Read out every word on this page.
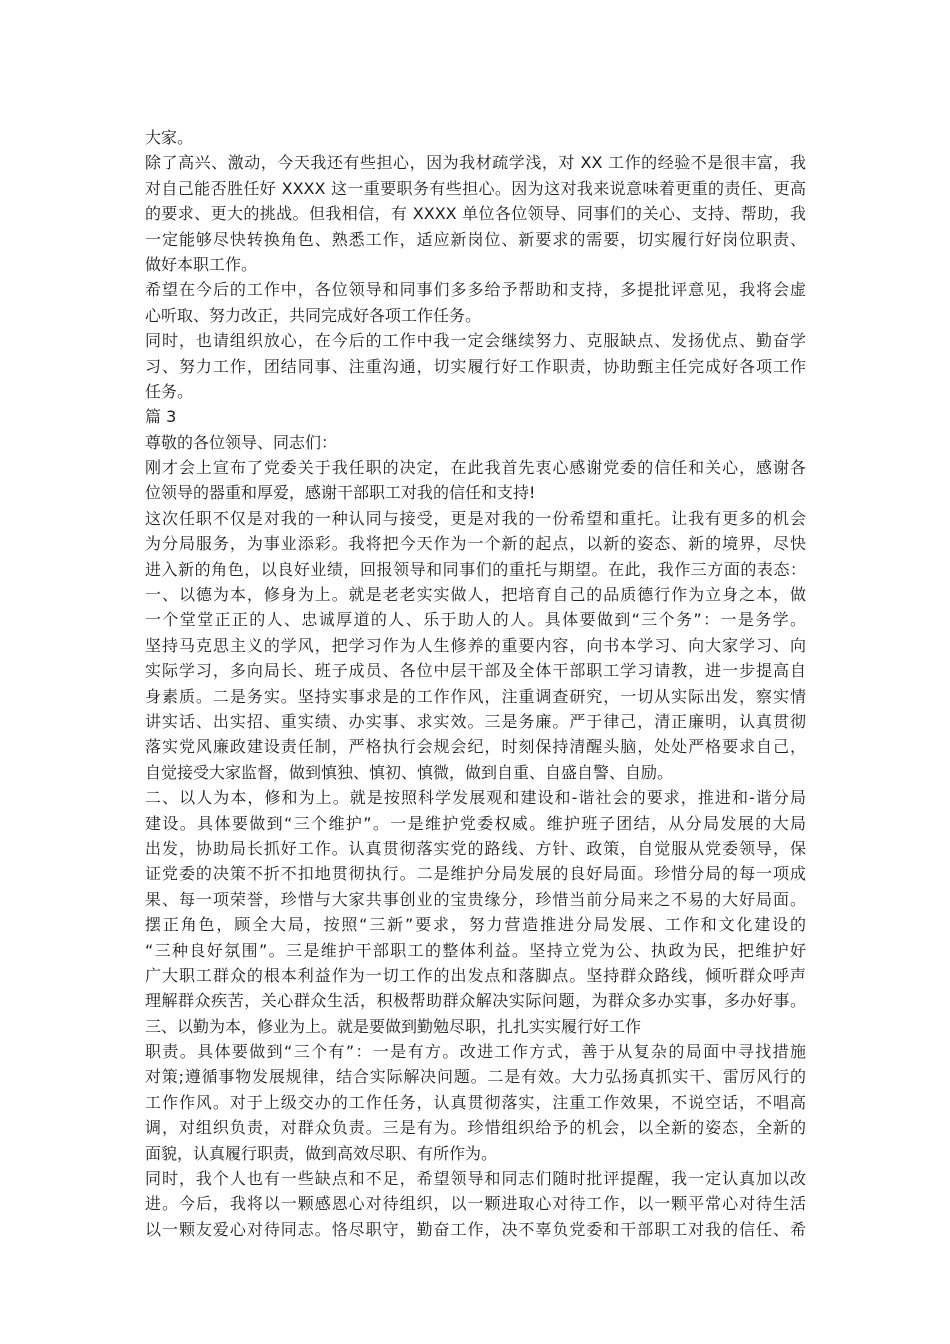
大家。
除了高兴、激动，今天我还有些担心，因为我材疏学浅，对 XX 工作的经验不是很丰富，我
对自己能否胜任好 XXXX 这一重要职务有些担心。因为这对我来说意味着更重的责任、更高
的要求、更大的挑战。但我相信，有 XXXX 单位各位领导、同事们的关心、支持、帮助，我
一定能够尽快转换角色、熟悉工作，适应新岗位、新要求的需要，切实履行好岗位职责、
做好本职工作。
希望在今后的工作中，各位领导和同事们多多给予帮助和支持，多提批评意见，我将会虚
心听取、努力改正，共同完成好各项工作任务。
同时，也请组织放心，在今后的工作中我一定会继续努力、克服缺点、发扬优点、勤奋学
习、努力工作，团结同事、注重沟通，切实履行好工作职责，协助甄主任完成好各项工作
任务。
篇 3
尊敬的各位领导、同志们：
刚才会上宣布了党委关于我任职的决定，在此我首先衷心感谢党委的信任和关心，感谢各
位领导的器重和厚爱，感谢干部职工对我的信任和支持!
这次任职不仅是对我的一种认同与接受，更是对我的一份希望和重托。让我有更多的机会
为分局服务，为事业添彩。我将把今天作为一个新的起点，以新的姿态、新的境界，尽快
进入新的角色，以良好业绩，回报领导和同事们的重托与期望。在此，我作三方面的表态：
一、以德为本，修身为上。就是老老实实做人，把培育自己的品质德行作为立身之本，做
一个堂堂正正的人、忠诚厚道的人、乐于助人的人。具体要做到“三个务”：一是务学。
坚持马克思主义的学风，把学习作为人生修养的重要内容，向书本学习、向大家学习、向
实际学习，多向局长、班子成员、各位中层干部及全体干部职工学习请教，进一步提高自
身素质。二是务实。坚持实事求是的工作作风，注重调查研究，一切从实际出发，察实情
讲实话、出实招、重实绩、办实事、求实效。三是务廉。严于律己，清正廉明，认真贯彻
落实党风廉政建设责任制，严格执行会规会纪，时刻保持清醒头脑，处处严格要求自己，
自觉接受大家监督，做到慎独、慎初、慎微，做到自重、自盛自警、自励。
二、以人为本，修和为上。就是按照科学发展观和建设和-谐社会的要求，推进和-谐分局
建设。具体要做到“三个维护”。一是维护党委权威。维护班子团结，从分局发展的大局
出发，协助局长抓好工作。认真贯彻落实党的路线、方针、政策，自觉服从党委领导，保
证党委的决策不折不扣地贯彻执行。二是维护分局发展的良好局面。珍惜分局的每一项成
果、每一项荣誉，珍惜与大家共事创业的宝贵缘分，珍惜当前分局来之不易的大好局面。
摆正角色，顾全大局，按照“三新”要求，努力营造推进分局发展、工作和文化建设的
“三种良好氛围”。三是维护干部职工的整体利益。坚持立党为公、执政为民，把维护好
广大职工群众的根本利益作为一切工作的出发点和落脚点。坚持群众路线，倾听群众呼声
理解群众疾苦，关心群众生活，积极帮助群众解决实际问题，为群众多办实事，多办好事。
三、以勤为本，修业为上。就是要做到勤勉尽职，扎扎实实履行好工作
职责。具体要做到“三个有”：一是有方。改进工作方式，善于从复杂的局面中寻找措施
对策;遵循事物发展规律，结合实际解决问题。二是有效。大力弘扬真抓实干、雷厉风行的
工作作风。对于上级交办的工作任务，认真贯彻落实，注重工作效果，不说空话，不唱高
调，对组织负责，对群众负责。三是有为。珍惜组织给予的机会，以全新的姿态，全新的
面貌，认真履行职责，做到高效尽职、有所作为。
同时，我个人也有一些缺点和不足，希望领导和同志们随时批评提醒，我一定认真加以改
进。今后，我将以一颗感恩心对待组织，以一颗进取心对待工作，以一颗平常心对待生活
以一颗友爱心对待同志。恪尽职守，勤奋工作，决不辜负党委和干部职工对我的信任、希
